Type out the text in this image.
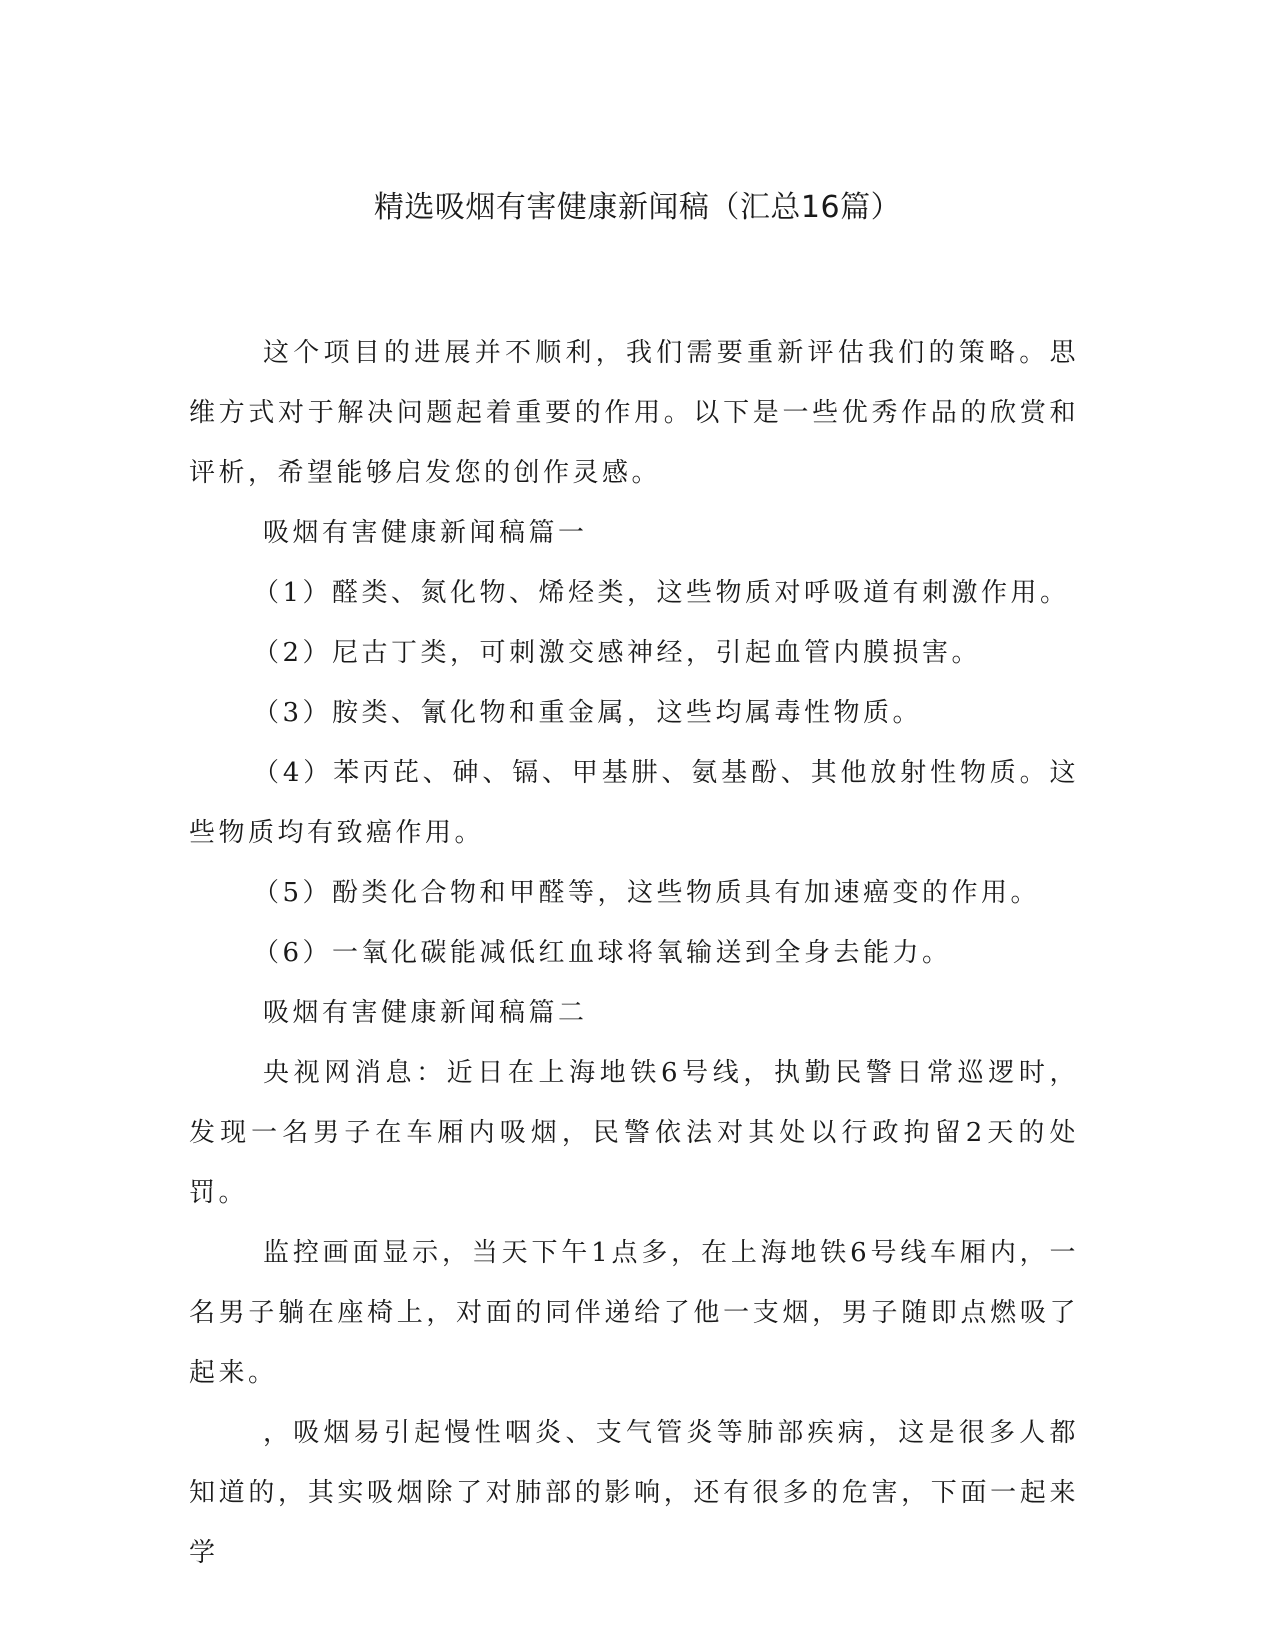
精选吸烟有害健康新闻稿（汇总16篇）

这个项目的进展并不顺利，我们需要重新评估我们的策略。思维方式对于解决问题起着重要的作用。以下是一些优秀作品的欣赏和评析，希望能够启发您的创作灵感。

吸烟有害健康新闻稿篇一

（1）醛类、氮化物、烯烃类，这些物质对呼吸道有刺激作用。

（2）尼古丁类，可刺激交感神经，引起血管内膜损害。

（3）胺类、氰化物和重金属，这些均属毒性物质。

（4）苯丙芘、砷、镉、甲基肼、氨基酚、其他放射性物质。这些物质均有致癌作用。

（5）酚类化合物和甲醛等，这些物质具有加速癌变的作用。

（6）一氧化碳能减低红血球将氧输送到全身去能力。

吸烟有害健康新闻稿篇二

央视网消息：近日在上海地铁6号线，执勤民警日常巡逻时，发现一名男子在车厢内吸烟，民警依法对其处以行政拘留2天的处罚。

监控画面显示，当天下午1点多，在上海地铁6号线车厢内，一名男子躺在座椅上，对面的同伴递给了他一支烟，男子随即点燃吸了起来。

，吸烟易引起慢性咽炎、支气管炎等肺部疾病，这是很多人都知道的，其实吸烟除了对肺部的影响，还有很多的危害，下面一起来学
